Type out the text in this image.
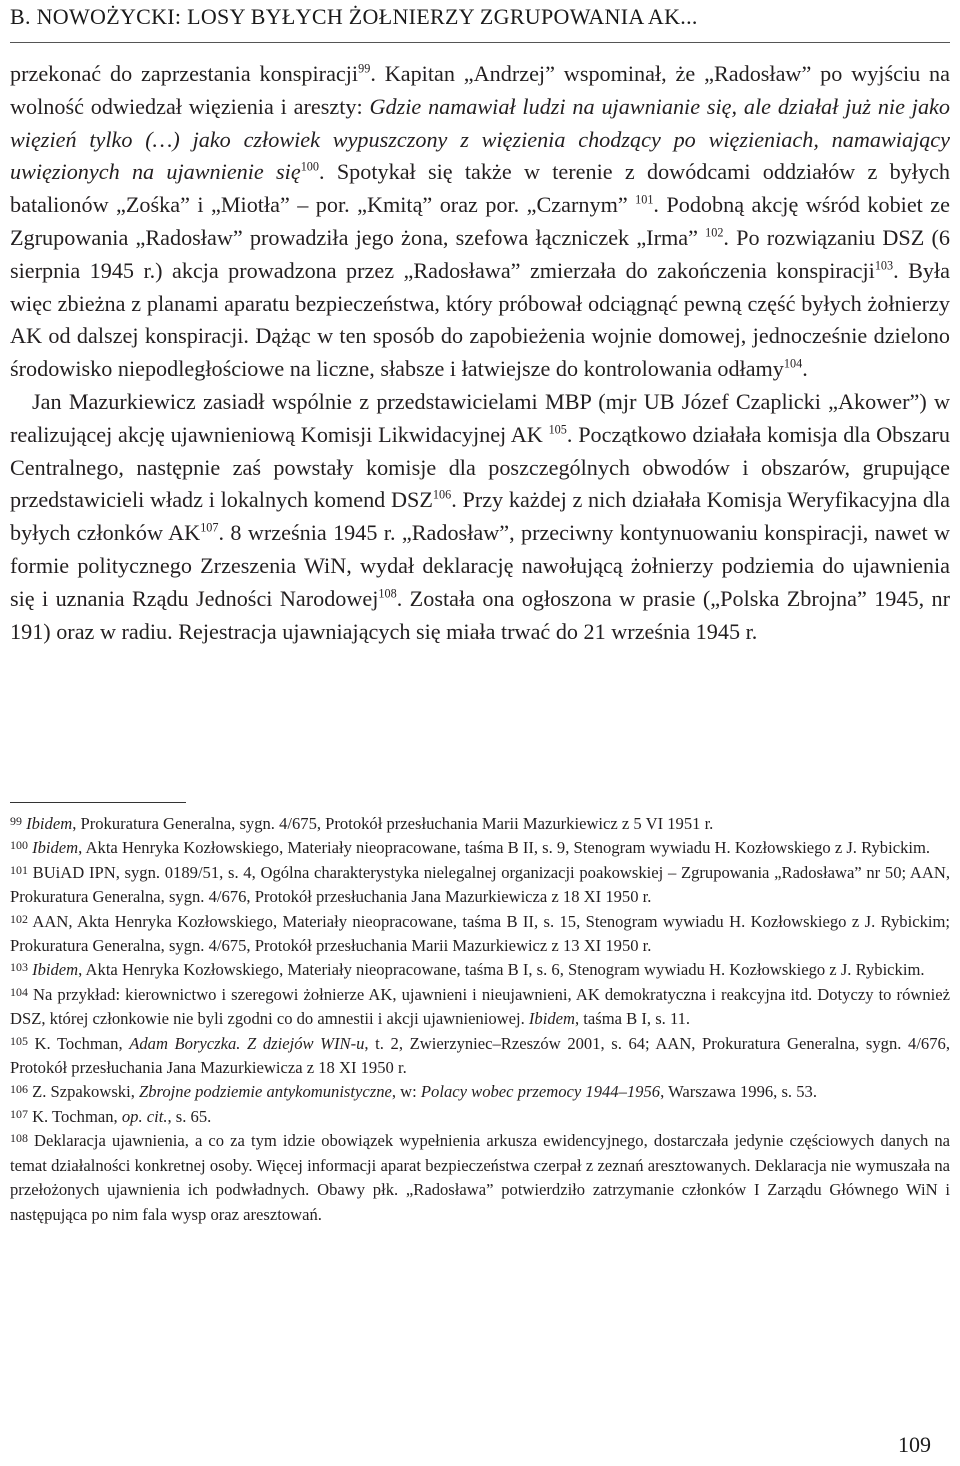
B. NOWOŻYCKI: LOSY BYŁYCH ŻOŁNIERZY ZGRUPOWANIA AK...

przekonać do zaprzestania konspiracji$^{99}$. Kapitan „Andrzej” wspominał, że „Radosław” po wyjściu na wolność odwiedzał więzienia i areszty: Gdzie namawiał ludzi na ujawnianie się, ale działał już nie jako więzień tylko (…) jako człowiek wypuszczony z więzienia chodzący po więzieniach, namawiający uwięzionych na ujawnienie się$^{100}$. Spotykał się także w terenie z dowódcami oddziałów z byłych batalionów „Zośka” i „Miotła” – por. „Kmitą” oraz por. „Czarnym” $^{101}$. Podobną akcję wśród kobiet ze Zgrupowania „Radosław” prowadziła jego żona, szefowa łączniczek „Irma” $^{102}$. Po rozwiązaniu DSZ (6 sierpnia 1945 r.) akcja prowadzona przez „Radosława” zmierzała do zakończenia konspiracji$^{103}$. Była więc zbieżna z planami aparatu bezpieczeństwa, który próbował odciągnąć pewną część byłych żołnierzy AK od dalszej konspiracji. Dążąc w ten sposób do zapobieżenia wojnie domowej, jednocześnie dzielono środowisko niepodległościowe na liczne, słabsze i łatwiejsze do kontrolowania odłamy$^{104}$.

Jan Mazurkiewicz zasiadł wspólnie z przedstawicielami MBP (mjr UB Józef Czaplicki „Akower”) w realizującej akcję ujawnieniową Komisji Likwidacyjnej AK $^{105}$. Początkowo działała komisja dla Obszaru Centralnego, następnie zaś powstały komisje dla poszczególnych obwodów i obszarów, grupujące przedstawicieli władz i lokalnych komend DSZ$^{106}$. Przy każdej z nich działała Komisja Weryfikacyjna dla byłych członków AK$^{107}$. 8 września 1945 r. „Radosław”, przeciwny kontynuowaniu konspiracji, nawet w formie politycznego Zrzeszenia WiN, wydał deklarację nawołującą żołnierzy podziemia do ujawnienia się i uznania Rządu Jedności Narodowej$^{108}$. Została ona ogłoszona w prasie („Polska Zbrojna” 1945, nr 191) oraz w radiu. Rejestracja ujawniających się miała trwać do 21 września 1945 r.

$^{99}$ Ibidem, Prokuratura Generalna, sygn. 4/675, Protokół przesłuchania Marii Mazurkiewicz z 5 VI 1951 r.

$^{100}$ Ibidem, Akta Henryka Kozłowskiego, Materiały nieopracowane, taśma B II, s. 9, Stenogram wywiadu H. Kozłowskiego z J. Rybickim.

$^{101}$ BUiAD IPN, sygn. 0189/51, s. 4, Ogólna charakterystyka nielegalnej organizacji poakowskiej – Zgrupowania „Radosława” nr 50; AAN, Prokuratura Generalna, sygn. 4/676, Protokół przesłuchania Jana Mazurkiewicza z 18 XI 1950 r.

$^{102}$ AAN, Akta Henryka Kozłowskiego, Materiały nieopracowane, taśma B II, s. 15, Stenogram wywiadu H. Kozłowskiego z J. Rybickim; Prokuratura Generalna, sygn. 4/675, Protokół przesłuchania Marii Mazurkiewicz z 13 XI 1950 r.

$^{103}$ Ibidem, Akta Henryka Kozłowskiego, Materiały nieopracowane, taśma B I, s. 6, Stenogram wywiadu H. Kozłowskiego z J. Rybickim.

$^{104}$ Na przykład: kierownictwo i szeregowi żołnierze AK, ujawnieni i nieujawnieni, AK demokratyczna i reakcyjna itd. Dotyczy to również DSZ, której członkowie nie byli zgodni co do amnestii i akcji ujawnieniowej. Ibidem, taśma B I, s. 11.

$^{105}$ K. Tochman, Adam Boryczka. Z dziejów WIN-u, t. 2, Zwierzyniec–Rzeszów 2001, s. 64; AAN, Prokuratura Generalna, sygn. 4/676, Protokół przesłuchania Jana Mazurkiewicza z 18 XI 1950 r.

$^{106}$ Z. Szpakowski, Zbrojne podziemie antykomunistyczne, w: Polacy wobec przemocy 1944–1956, Warszawa 1996, s. 53.

$^{107}$ K. Tochman, op. cit., s. 65.

$^{108}$ Deklaracja ujawnienia, a co za tym idzie obowiązek wypełnienia arkusza ewidencyjnego, dostarczała jedynie częściowych danych na temat działalności konkretnej osoby. Więcej informacji aparat bezpieczeństwa czerpał z zeznań aresztowanych. Deklaracja nie wymuszała na przełożonych ujawnienia ich podwładnych. Obawy płk. „Radosława” potwierdziło zatrzymanie członków I Zarządu Głównego WiN i następująca po nim fala wysp oraz aresztowań.

109
